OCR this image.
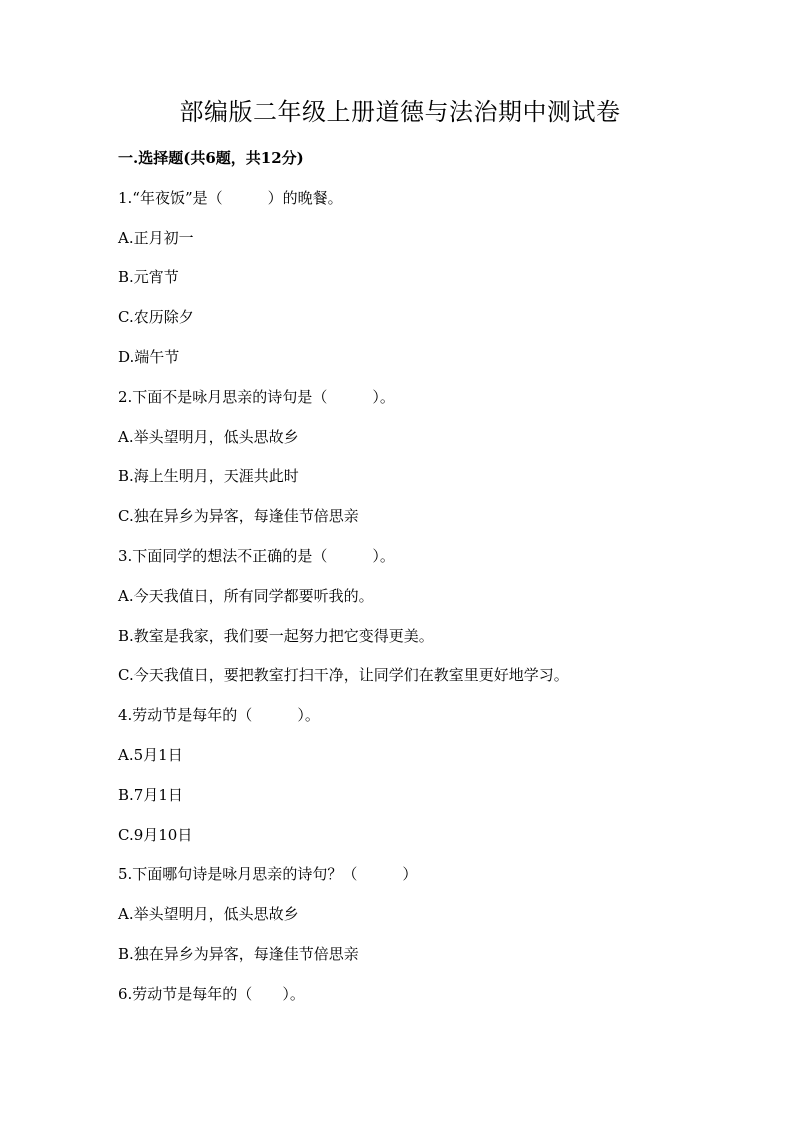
部编版二年级上册道德与法治期中测试卷
一.选择题(共6题，共12分)
1.“年夜饭”是（　　　）的晚餐。
A.正月初一
B.元宵节
C.农历除夕
D.端午节
2.下面不是咏月思亲的诗句是（　　　）。
A.举头望明月，低头思故乡
B.海上生明月，天涯共此时
C.独在异乡为异客，每逢佳节倍思亲
3.下面同学的想法不正确的是（　　　）。
A.今天我值日，所有同学都要听我的。
B.教室是我家，我们要一起努力把它变得更美。
C.今天我值日，要把教室打扫干净，让同学们在教室里更好地学习。
4.劳动节是每年的（　　　）。
A.5月1日
B.7月1日
C.9月10日
5.下面哪句诗是咏月思亲的诗句？（　　　）
A.举头望明月，低头思故乡
B.独在异乡为异客，每逢佳节倍思亲
6.劳动节是每年的（　　）。
